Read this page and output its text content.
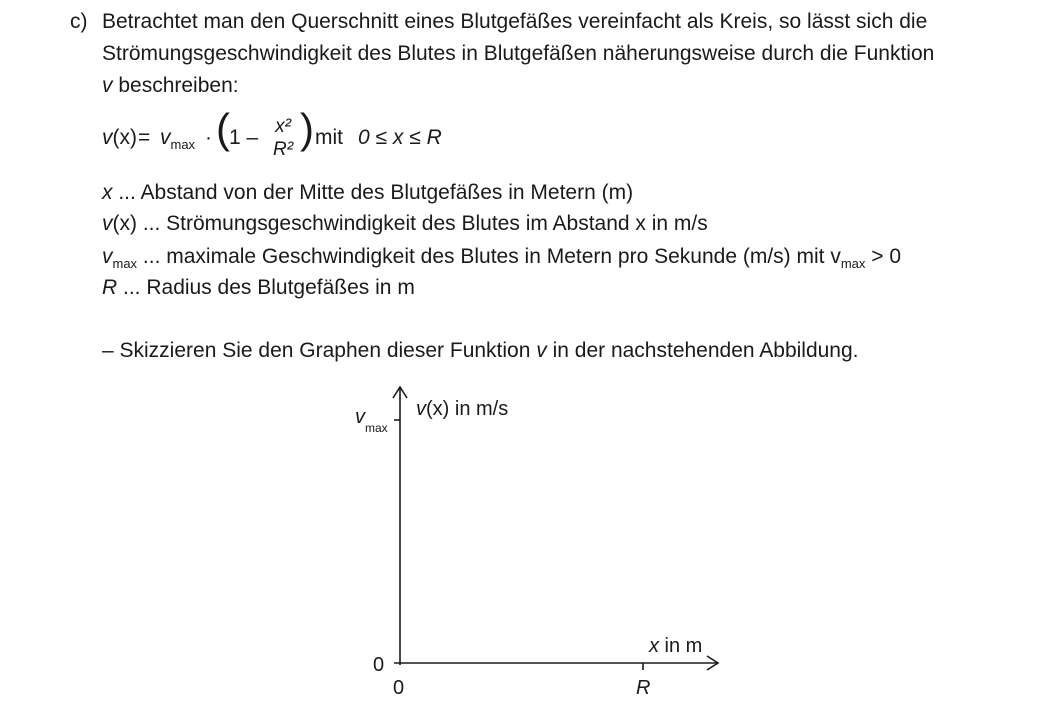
c) Betrachtet man den Querschnitt eines Blutgefäßes vereinfacht als Kreis, so lässt sich die
Strömungsgeschwindigkeit des Blutes in Blutgefäßen näherungsweise durch die Funktion
v beschreiben:
$v(x) = v_{max}$ · ( 1 – x²
R² ) mit 0 ≤ x ≤ R
x ... Abstand von der Mitte des Blutgefäßes in Metern (m)
v(x) ... Strömungsgeschwindigkeit des Blutes im Abstand x in m/s
$v_{max}$ ... maximale Geschwindigkeit des Blutes in Metern pro Sekunde (m/s) mit $v_{max} > 0$
R ... Radius des Blutgefäßes in m
– Skizzieren Sie den Graphen dieser Funktion v in der nachstehenden Abbildung.
v(x) in m/s
$v_{max}$
0
0
x in m
R
